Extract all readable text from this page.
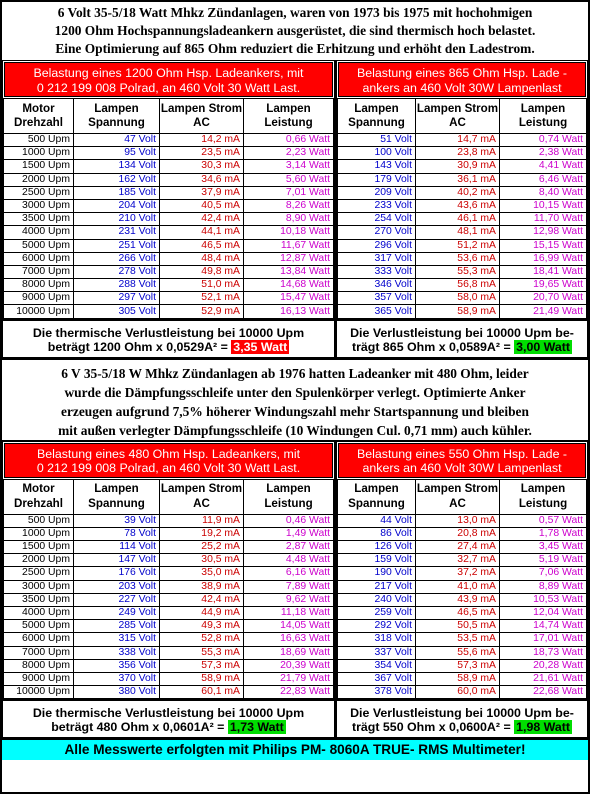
6 Volt 35-5/18 Watt Mhkz Zündanlagen, waren von 1973 bis 1975 mit hochohmigen
1200 Ohm Hochspannungsladeankern ausgerüstet, die sind thermisch hoch belastet.
Eine Optimierung auf 865 Ohm reduziert die Erhitzung und erhöht den Ladestrom.
Belastung eines 1200 Ohm Hsp. Ladeankers, mit
0 212 199 008 Polrad, an 460 Volt 30 Watt Last.
Motor Drehzahl	Lampen Spannung	Lampen Strom AC	Lampen Leistung
500 Upm	47 Volt	14,2 mA	0,66 Watt
1000 Upm	95 Volt	23,5 mA	2,23 Watt
1500 Upm	134 Volt	30,3 mA	3,14 Watt
2000 Upm	162 Volt	34,6 mA	5,60 Watt
2500 Upm	185 Volt	37,9 mA	7,01 Watt
3000 Upm	204 Volt	40,5 mA	8,26 Watt
3500 Upm	210 Volt	42,4 mA	8,90 Watt
4000 Upm	231 Volt	44,1 mA	10,18 Watt
5000 Upm	251 Volt	46,5 mA	11,67 Watt
6000 Upm	266 Volt	48,4 mA	12,87 Watt
7000 Upm	278 Volt	49,8 mA	13,84 Watt
8000 Upm	288 Volt	51,0 mA	14,68 Watt
9000 Upm	297 Volt	52,1 mA	15,47 Watt
10000 Upm	305 Volt	52,9 mA	16,13 Watt
Die thermische Verlustleistung bei 10000 Upm
beträgt 1200 Ohm x 0,0529A² = 3,35 Watt
Belastung eines 865 Ohm Hsp. Lade -
ankers an 460 Volt 30W Lampenlast
Lampen Spannung	Lampen Strom AC	Lampen Leistung
51 Volt	14,7 mA	0,74 Watt
100 Volt	23,8 mA	2,38 Watt
143 Volt	30,9 mA	4,41 Watt
179 Volt	36,1 mA	6,46 Watt
209 Volt	40,2 mA	8,40 Watt
233 Volt	43,6 mA	10,15 Watt
254 Volt	46,1 mA	11,70 Watt
270 Volt	48,1 mA	12,98 Watt
296 Volt	51,2 mA	15,15 Watt
317 Volt	53,6 mA	16,99 Watt
333 Volt	55,3 mA	18,41 Watt
346 Volt	56,8 mA	19,65 Watt
357 Volt	58,0 mA	20,70 Watt
365 Volt	58,9 mA	21,49 Watt
Die Verlustleistung bei 10000 Upm be-
trägt 865 Ohm x 0,0589A² = 3,00 Watt
6 V 35-5/18 W Mhkz Zündanlagen ab 1976 hatten Ladeanker mit 480 Ohm, leider
wurde die Dämpfungsschleife unter den Spulenkörper verlegt. Optimierte Anker
erzeugen aufgrund 7,5% höherer Windungszahl mehr Startspannung und bleiben
mit außen verlegter Dämpfungsschleife (10 Windungen Cul. 0,71 mm) auch kühler.
Belastung eines 480 Ohm Hsp. Ladeankers, mit
0 212 199 008 Polrad, an 460 Volt 30 Watt Last.
Motor Drehzahl	Lampen Spannung	Lampen Strom AC	Lampen Leistung
500 Upm	39 Volt	11,9 mA	0,46 Watt
1000 Upm	78 Volt	19,2 mA	1,49 Watt
1500 Upm	114 Volt	25,2 mA	2,87 Watt
2000 Upm	147 Volt	30,5 mA	4,48 Watt
2500 Upm	176 Volt	35,0 mA	6,16 Watt
3000 Upm	203 Volt	38,9 mA	7,89 Watt
3500 Upm	227 Volt	42,4 mA	9,62 Watt
4000 Upm	249 Volt	44,9 mA	11,18 Watt
5000 Upm	285 Volt	49,3 mA	14,05 Watt
6000 Upm	315 Volt	52,8 mA	16,63 Watt
7000 Upm	338 Volt	55,3 mA	18,69 Watt
8000 Upm	356 Volt	57,3 mA	20,39 Watt
9000 Upm	370 Volt	58,9 mA	21,79 Watt
10000 Upm	380 Volt	60,1 mA	22,83 Watt
Die thermische Verlustleistung bei 10000 Upm
beträgt 480 Ohm x 0,0601A² = 1,73 Watt
Belastung eines 550 Ohm Hsp. Lade -
ankers an 460 Volt 30W Lampenlast
Lampen Spannung	Lampen Strom AC	Lampen Leistung
44 Volt	13,0 mA	0,57 Watt
86 Volt	20,8 mA	1,78 Watt
126 Volt	27,4 mA	3,45 Watt
159 Volt	32,7 mA	5,19 Watt
190 Volt	37,2 mA	7,06 Watt
217 Volt	41,0 mA	8,89 Watt
240 Volt	43,9 mA	10,53 Watt
259 Volt	46,5 mA	12,04 Watt
292 Volt	50,5 mA	14,74 Watt
318 Volt	53,5 mA	17,01 Watt
337 Volt	55,6 mA	18,73 Watt
354 Volt	57,3 mA	20,28 Watt
367 Volt	58,9 mA	21,61 Watt
378 Volt	60,0 mA	22,68 Watt
Die Verlustleistung bei 10000 Upm be-
trägt 550 Ohm x 0,0600A² = 1,98 Watt
Alle Messwerte erfolgten mit Philips PM- 8060A TRUE- RMS Multimeter!
